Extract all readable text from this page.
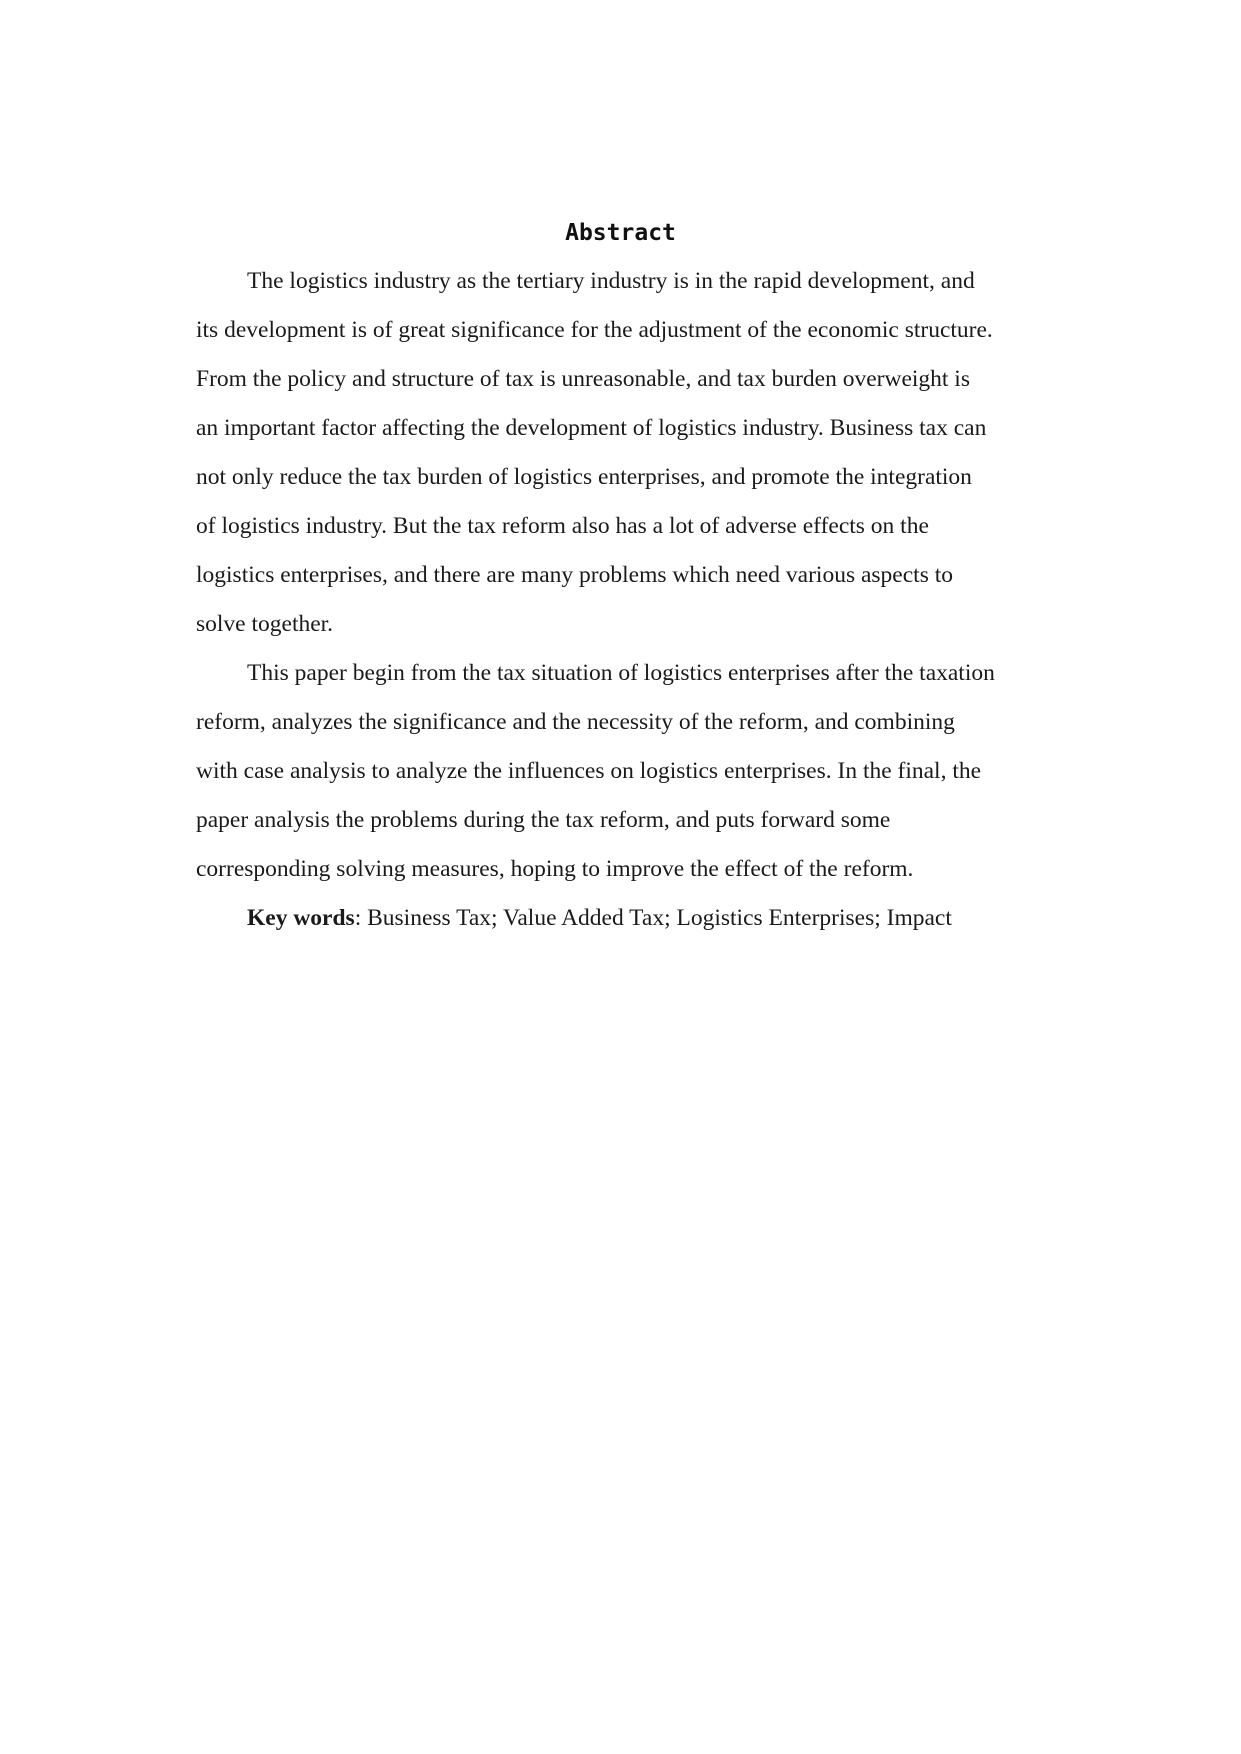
Abstract
The logistics industry as the tertiary industry is in the rapid development, and
its development is of great significance for the adjustment of the economic structure.
From the policy and structure of tax is unreasonable, and tax burden overweight is
an important factor affecting the development of logistics industry. Business tax can
not only reduce the tax burden of logistics enterprises, and promote the integration
of logistics industry. But the tax reform also has a lot of adverse effects on the
logistics enterprises, and there are many problems which need various aspects to
solve together.
This paper begin from the tax situation of logistics enterprises after the taxation
reform, analyzes the significance and the necessity of the reform, and combining
with case analysis to analyze the influences on logistics enterprises. In the final, the
paper analysis the problems during the tax reform, and puts forward some
corresponding solving measures, hoping to improve the effect of the reform.
Key words: Business Tax; Value Added Tax; Logistics Enterprises; Impact
